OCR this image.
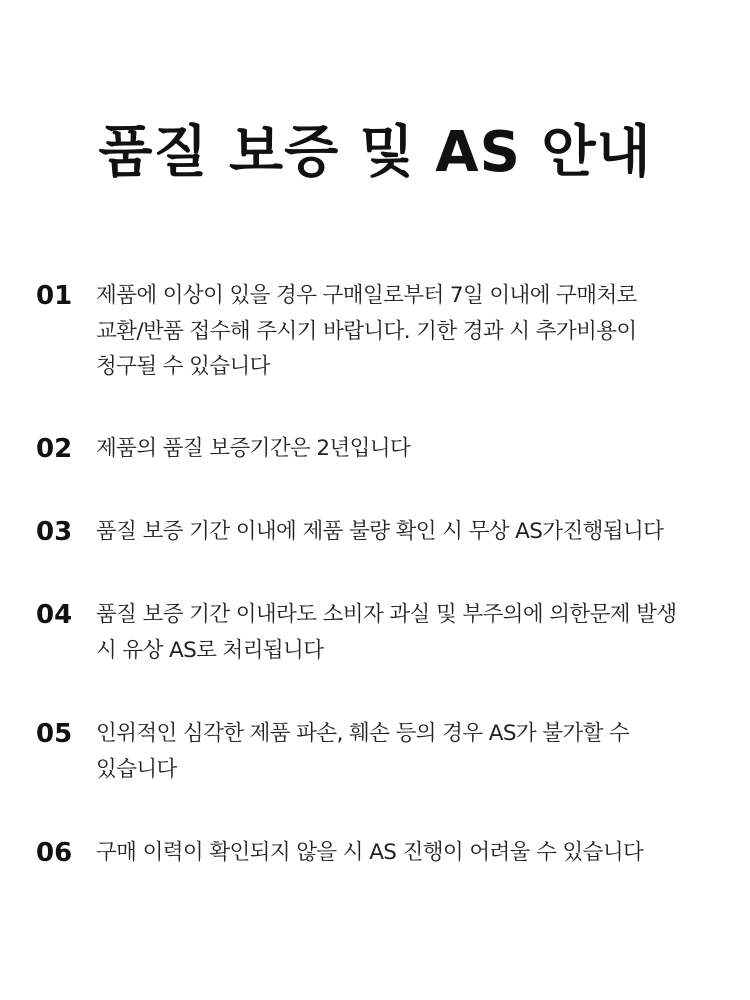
품질 보증 및 AS 안내
01	제품에 이상이 있을 경우 구매일로부터 7일 이내에 구매처로
교환/반품 접수해 주시기 바랍니다. 기한 경과 시 추가비용이
청구될 수 있습니다
02	제품의 품질 보증기간은 2년입니다
03	품질 보증 기간 이내에 제품 불량 확인 시 무상 AS가진행됩니다
04	품질 보증 기간 이내라도 소비자 과실 및 부주의에 의한문제 발생
시 유상 AS로 처리됩니다
05	인위적인 심각한 제품 파손, 훼손 등의 경우 AS가 불가할 수
있습니다
06	구매 이력이 확인되지 않을 시 AS 진행이 어려울 수 있습니다
